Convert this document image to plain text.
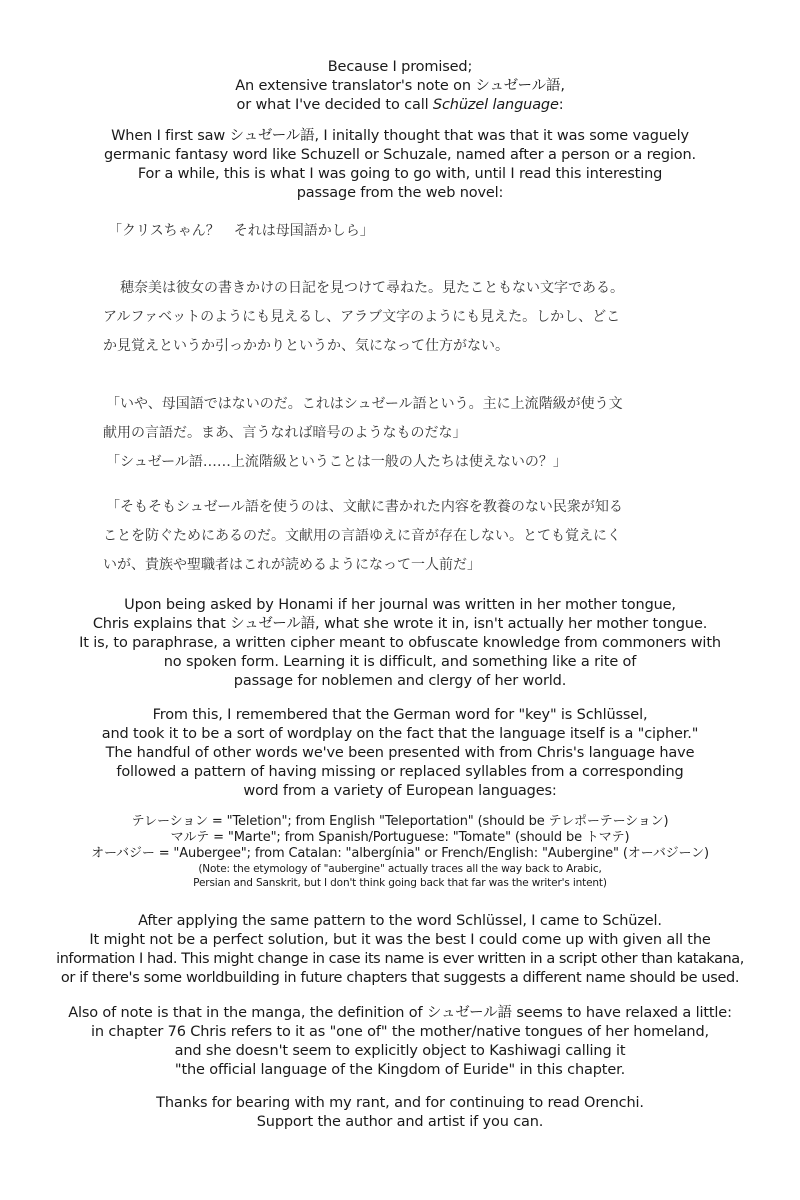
Because I promised;
An extensive translator's note on シュゼール語,
or what I've decided to call Schüzel language:
When I first saw シュゼール語, I initally thought that was that it was some vaguely
germanic fantasy word like Schuzell or Schuzale, named after a person or a region.
For a while, this is what I was going to go with, until I read this interesting
passage from the web novel:
「クリスちゃん？　それは母国語かしら」
穂奈美は彼女の書きかけの日記を見つけて尋ねた。見たこともない文字である。
アルファベットのようにも見えるし、アラブ文字のようにも見えた。しかし、どこ
か見覚えというか引っかかりというか、気になって仕方がない。
「いや、母国語ではないのだ。これはシュゼール語という。主に上流階級が使う文
献用の言語だ。まあ、言うなれば暗号のようなものだな」
「シュゼール語……上流階級ということは一般の人たちは使えないの？」
「そもそもシュゼール語を使うのは、文献に書かれた内容を教養のない民衆が知る
ことを防ぐためにあるのだ。文献用の言語ゆえに音が存在しない。とても覚えにく
いが、貴族や聖職者はこれが読めるようになって一人前だ」
Upon being asked by Honami if her journal was written in her mother tongue,
Chris explains that シュゼール語, what she wrote it in, isn't actually her mother tongue.
It is, to paraphrase, a written cipher meant to obfuscate knowledge from commoners with
no spoken form. Learning it is difficult, and something like a rite of
passage for noblemen and clergy of her world.
From this, I remembered that the German word for "key" is Schlüssel,
and took it to be a sort of wordplay on the fact that the language itself is a "cipher."
The handful of other words we've been presented with from Chris's language have
followed a pattern of having missing or replaced syllables from a corresponding
word from a variety of European languages:
テレーション = "Teletion"; from English "Teleportation" (should be テレポーテーション)
マルテ = "Marte"; from Spanish/Portuguese: "Tomate" (should be トマテ)
オーバジー = "Aubergee"; from Catalan: "albergínia" or French/English: "Aubergine" (オーバジーン)
(Note: the etymology of "aubergine" actually traces all the way back to Arabic,
Persian and Sanskrit, but I don't think going back that far was the writer's intent)
After applying the same pattern to the word Schlüssel, I came to Schüzel.
It might not be a perfect solution, but it was the best I could come up with given all the
information I had. This might change in case its name is ever written in a script other than katakana,
or if there's some worldbuilding in future chapters that suggests a different name should be used.
Also of note is that in the manga, the definition of シュゼール語 seems to have relaxed a little:
in chapter 76 Chris refers to it as "one of" the mother/native tongues of her homeland,
and she doesn't seem to explicitly object to Kashiwagi calling it
"the official language of the Kingdom of Euride" in this chapter.
Thanks for bearing with my rant, and for continuing to read Orenchi.
Support the author and artist if you can.
